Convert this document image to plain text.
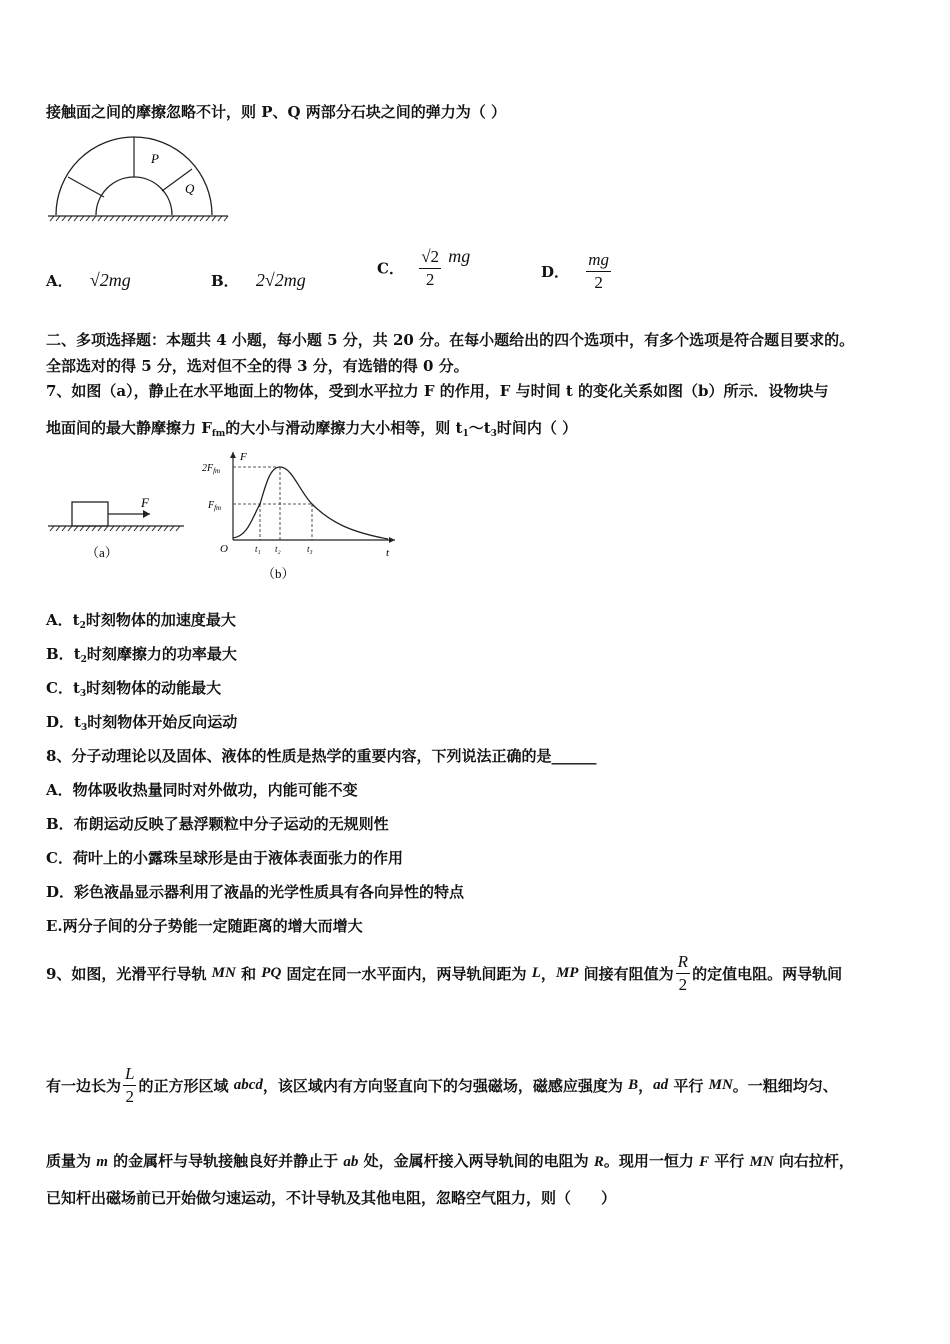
接触面之间的摩擦忽略不计，则 P、Q 两部分石块之间的弹力为（ ）
P
Q
A． √2mg	B． 2√2mg
C． $\frac{√2}{2}$ mg
D． $\frac{mg}{2}$
二、多项选择题：本题共 4 小题，每小题 5 分，共 20 分。在每小题给出的四个选项中，有多个选项是符合题目要求的。
全部选对的得 5 分，选对但不全的得 3 分，有选错的得 0 分。
7、如图（a），静止在水平地面上的物体，受到水平拉力 F 的作用，F 与时间 t 的变化关系如图（b）所示．设物块与
地面间的最大静摩擦力 $F_{fm}$的大小与滑动摩擦力大小相等，则 $t_1\sim t_3$时间内（ ）
F
（a）
F
t
O
$2F_{fm}$
$F_{fm}$
t₁ t₂	t₃
（b）
A．$t_2$时刻物体的加速度最大
B．$t_2$时刻摩擦力的功率最大
C．$t_3$时刻物体的动能最大
D．$t_3$时刻物体开始反向运动
8、分子动理论以及固体、液体的性质是热学的重要内容，下列说法正确的是______
A．物体吸收热量同时对外做功，内能可能不变
B．布朗运动反映了悬浮颗粒中分子运动的无规则性
C．荷叶上的小露珠呈球形是由于液体表面张力的作用
D．彩色液晶显示器利用了液晶的光学性质具有各向异性的特点
E.两分子间的分子势能一定随距离的增大而增大
9、如图，光滑平行导轨 MN 和 PQ 固定在同一水平面内，两导轨间距为 L，MP 间接有阻值为 $\frac{R}{2}$ 的定值电阻。两导轨间
有一边长为 $\frac{L}{2}$ 的正方形区域 abcd，该区域内有方向竖直向下的匀强磁场，磁感应强度为 B，ad 平行 MN。一粗细均匀、
质量为 m 的金属杆与导轨接触良好并静止于 ab 处，金属杆接入两导轨间的电阻为 R。现用一恒力 F 平行 MN 向右拉杆，
已知杆出磁场前已开始做匀速运动，不计导轨及其他电阻，忽略空气阻力，则（　　）
